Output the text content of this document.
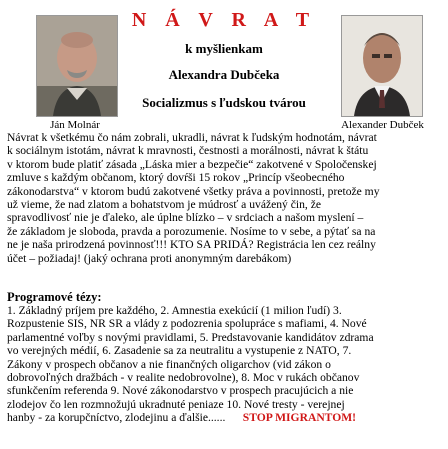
N Á V R A T
k myšlienkam
Alexandra Dubčeka
Socializmus s ľudskou tvárou
Ján Molnár	Alexander Dubček
Návrat k všetkému čo nám zobrali, ukradli, návrat k ľudským hodnotám, návrat
k sociálnym istotám, návrat k mravnosti, čestnosti a morálnosti, návrat k štátu
v ktorom bude platiť zásada „Láska mier a bezpečie“ zakotvené v Spoločenskej
zmluve s každým občanom, ktorý dovŕši 15 rokov „Princíp všeobecného
zákonodarstva“ v ktorom budú zakotvené všetky práva a povinnosti, pretože my
už vieme, že nad zlatom a bohatstvom je múdrosť a uvážený čin, že
spravodlivosť nie je ďaleko, ale úplne blízko – v srdciach a našom myslení –
že základom je sloboda, pravda a porozumenie. Nosíme to v sebe, a pýtať sa na
ne je naša prirodzená povinnosť!!! KTO SA PRIDÁ? Registrácia len cez reálny
účet – požiadaj! (jaký ochrana proti anonymným darebákom)
Programové tézy:
1. Základný príjem pre každého, 2. Amnestia exekúcií (1 milion ľudí) 3.
Rozpustenie SIS, NR SR a vlády z podozrenia spolupráce s mafiami, 4. Nové
parlamentné voľby s novými pravidlami, 5. Predstavovanie kandidátov zdrama
vo verejných médií, 6. Zasadenie sa za neutralitu a vystupenie z NATO, 7.
Zákony v prospech občanov a nie finančných oligarchov (vid zákon o
dobrovoľných dražbách - v realite nedobrovolne), 8. Moc v rukách občanov
sfunkčením referenda 9. Nové zákonodarstvo v prospech pracujúcich a nie
zlodejov čo len rozmnožujú ukradnuté peniaze 10. Nové tresty - verejnej
hanby - za korupčníctvo, zlodejinu a ďalšie...... STOP MIGRANTOM!
